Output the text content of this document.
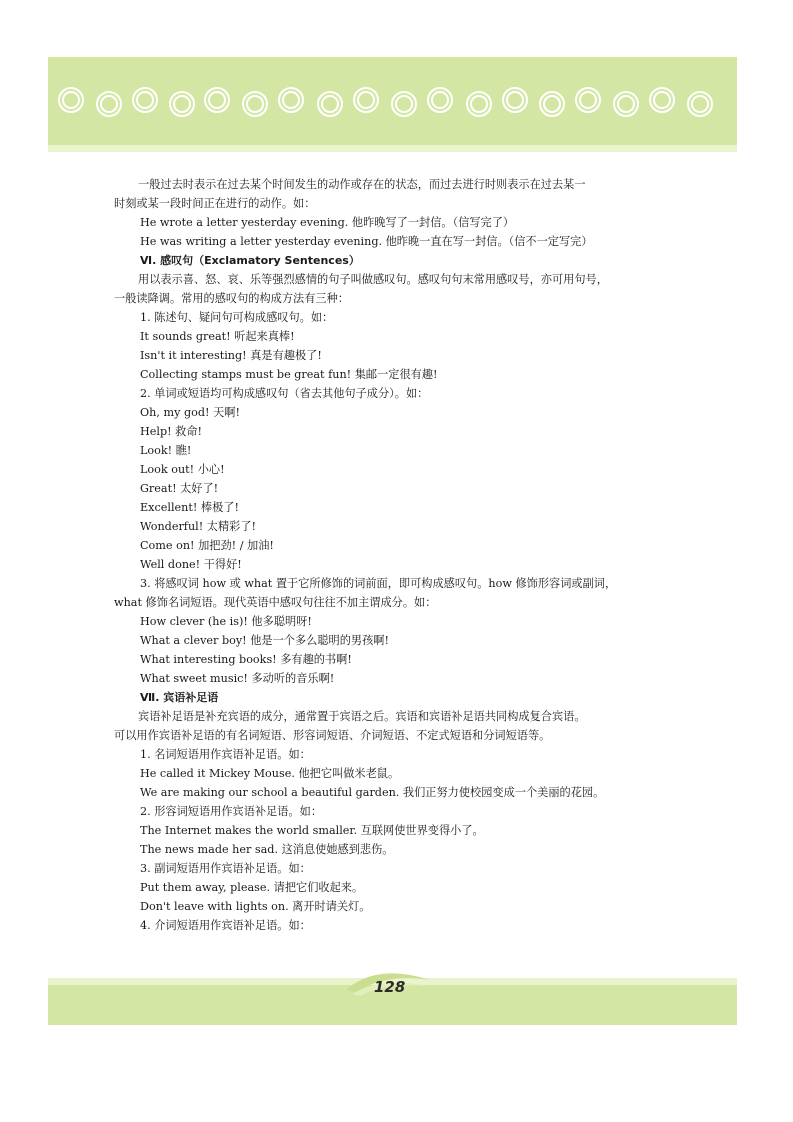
一般过去时表示在过去某个时间发生的动作或存在的状态，而过去进行时则表示在过去某一
时刻或某一段时间正在进行的动作。如：
He wrote a letter yesterday evening. 他昨晚写了一封信。（信写完了）
He was writing a letter yesterday evening. 他昨晚一直在写一封信。（信不一定写完）
Ⅵ. 感叹句（Exclamatory Sentences）
用以表示喜、怒、哀、乐等强烈感情的句子叫做感叹句。感叹句句末常用感叹号，亦可用句号，
一般读降调。常用的感叹句的构成方法有三种：
1. 陈述句、疑问句可构成感叹句。如：
It sounds great! 听起来真棒!
Isn't it interesting! 真是有趣极了!
Collecting stamps must be great fun! 集邮一定很有趣!
2. 单词或短语均可构成感叹句（省去其他句子成分）。如：
Oh, my god! 天啊!
Help! 救命!
Look! 瞧!
Look out! 小心!
Great! 太好了!
Excellent! 棒极了!
Wonderful! 太精彩了!
Come on! 加把劲! / 加油!
Well done! 干得好!
3. 将感叹词 how 或 what 置于它所修饰的词前面，即可构成感叹句。how 修饰形容词或副词，
what 修饰名词短语。现代英语中感叹句往往不加主谓成分。如：
How clever (he is)! 他多聪明呀!
What a clever boy! 他是一个多么聪明的男孩啊!
What interesting books! 多有趣的书啊!
What sweet music! 多动听的音乐啊!
Ⅶ. 宾语补足语
宾语补足语是补充宾语的成分，通常置于宾语之后。宾语和宾语补足语共同构成复合宾语。
可以用作宾语补足语的有名词短语、形容词短语、介词短语、不定式短语和分词短语等。
1. 名词短语用作宾语补足语。如：
He called it Mickey Mouse. 他把它叫做米老鼠。
We are making our school a beautiful garden. 我们正努力使校园变成一个美丽的花园。
2. 形容词短语用作宾语补足语。如：
The Internet makes the world smaller. 互联网使世界变得小了。
The news made her sad. 这消息使她感到悲伤。
3. 副词短语用作宾语补足语。如：
Put them away, please. 请把它们收起来。
Don't leave with lights on. 离开时请关灯。
4. 介词短语用作宾语补足语。如：
128
